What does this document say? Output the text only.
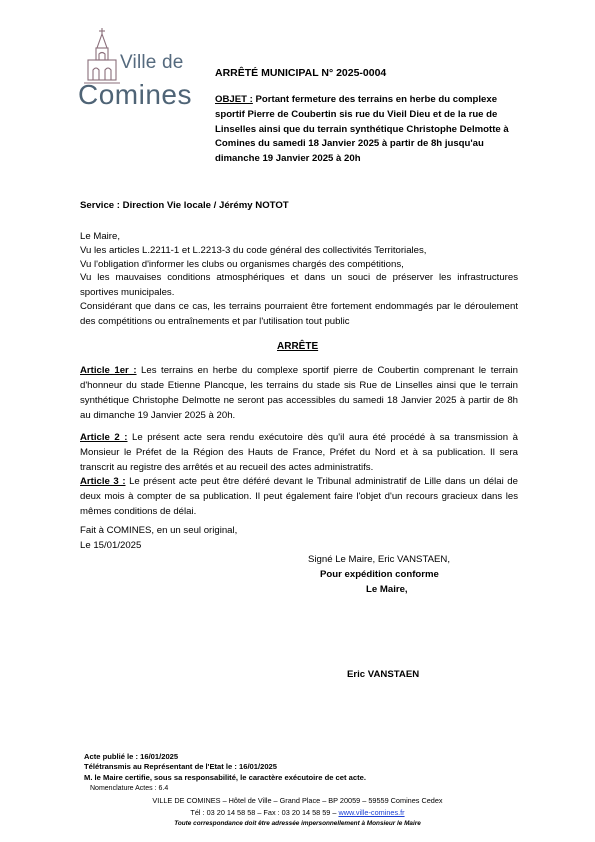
Ville de
Comines
ARRÊTÉ MUNICIPAL N° 2025-0004
OBJET : Portant fermeture des terrains en herbe du complexe sportif Pierre de Coubertin sis rue du Vieil Dieu et de la rue de Linselles ainsi que du terrain synthétique Christophe Delmotte à Comines du samedi 18 Janvier 2025 à partir de 8h jusqu'au dimanche 19 Janvier 2025 à 20h
Service : Direction Vie locale / Jérémy NOTOT
Le Maire,
Vu les articles L.2211-1 et L.2213-3 du code général des collectivités Territoriales,
Vu l'obligation d'informer les clubs ou organismes chargés des compétitions,
Vu les mauvaises conditions atmosphériques et dans un souci de préserver les infrastructures sportives municipales.
Considérant que dans ce cas, les terrains pourraient être fortement endommagés par le déroulement des compétitions ou entraînements et par l'utilisation tout public
ARRÊTE
Article 1er : Les terrains en herbe du complexe sportif pierre de Coubertin comprenant le terrain d'honneur du stade Etienne Plancque, les terrains du stade sis Rue de Linselles ainsi que le terrain synthétique Christophe Delmotte ne seront pas accessibles du samedi 18 Janvier 2025 à partir de 8h au dimanche 19 Janvier 2025 à 20h.
Article 2 : Le présent acte sera rendu exécutoire dès qu'il aura été procédé à sa transmission à Monsieur le Préfet de la Région des Hauts de France, Préfet du Nord et à sa publication. Il sera transcrit au registre des arrêtés et au recueil des actes administratifs.
Article 3 : Le présent acte peut être déféré devant le Tribunal administratif de Lille dans un délai de deux mois à compter de sa publication. Il peut également faire l'objet d'un recours gracieux dans les mêmes conditions de délai.
Fait à COMINES, en un seul original,
Le 15/01/2025
Signé Le Maire, Eric VANSTAEN,
Pour expédition conforme
Le Maire,
Eric VANSTAEN
Acte publié le : 16/01/2025
Télétransmis au Représentant de l'Etat le : 16/01/2025
M. le Maire certifie, sous sa responsabilité, le caractère exécutoire de cet acte.
Nomenclature Actes : 6.4
VILLE DE COMINES – Hôtel de Ville – Grand Place – BP 20059 – 59559 Comines Cedex
Tél : 03 20 14 58 58 – Fax : 03 20 14 58 59 – www.ville-comines.fr
Toute correspondance doit être adressée impersonnellement à Monsieur le Maire
